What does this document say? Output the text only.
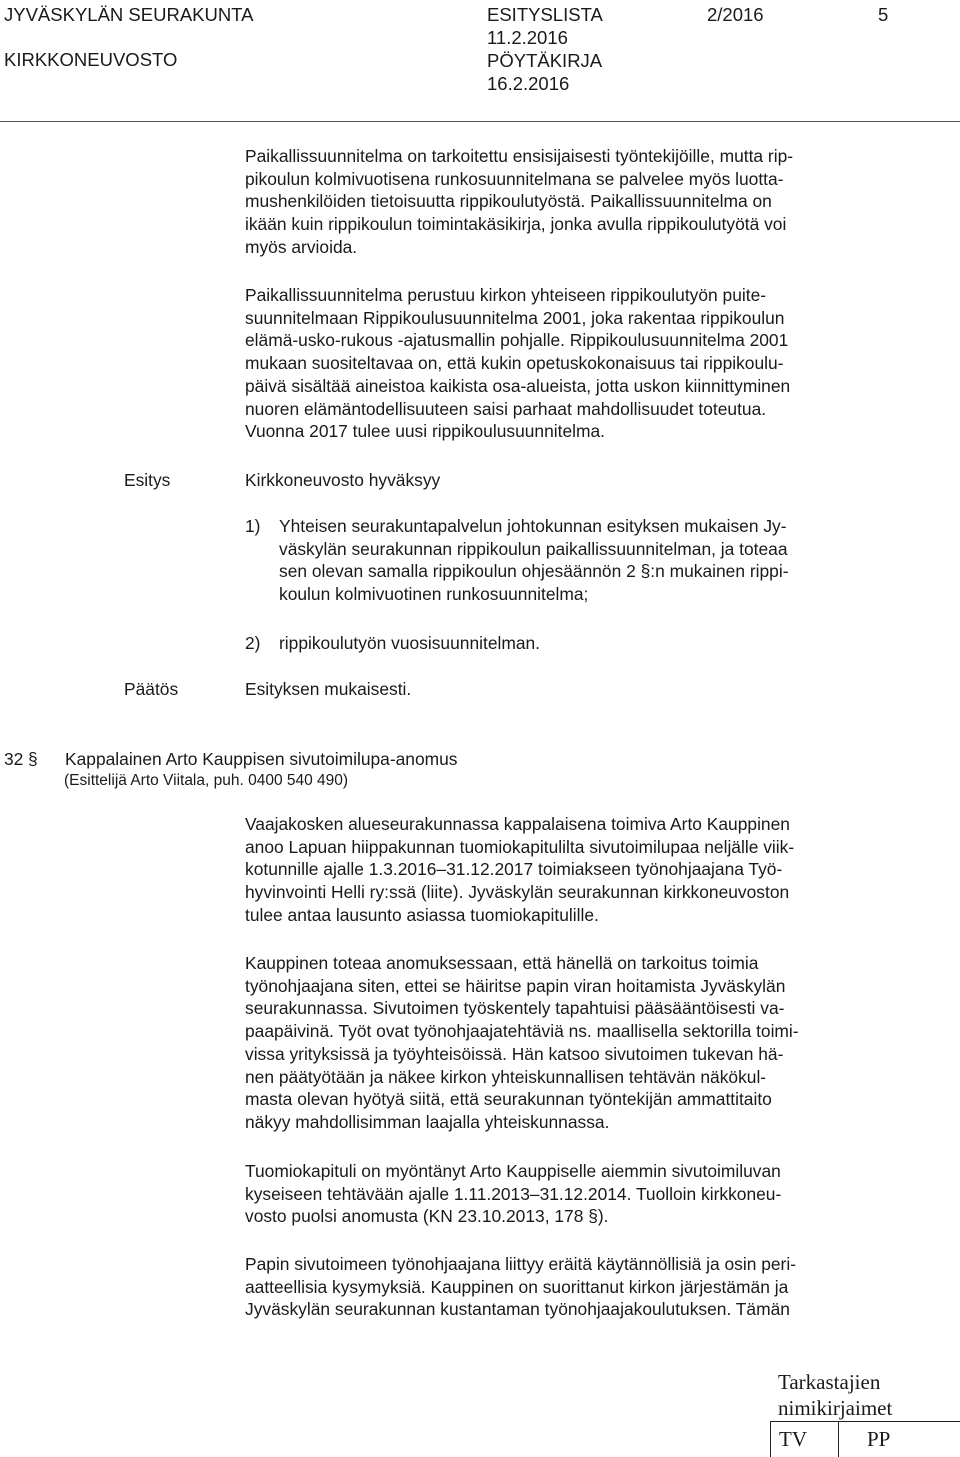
JYVÄSKYLÄN SEURAKUNTA
KIRKKONEUVOSTO
ESITYSLISTA
11.2.2016
PÖYTÄKIRJA
16.2.2016
2/2016	5
Paikallissuunnitelma on tarkoitettu ensisijaisesti työntekijöille, mutta rip-
pikoulun kolmivuotisena runkosuunnitelmana se palvelee myös luotta-
mushenkilöiden tietoisuutta rippikoulutyöstä. Paikallissuunnitelma on
ikään kuin rippikoulun toimintakäsikirja, jonka avulla rippikoulutyötä voi
myös arvioida.
Paikallissuunnitelma perustuu kirkon yhteiseen rippikoulutyön puite-
suunnitelmaan Rippikoulusuunnitelma 2001, joka rakentaa rippikoulun
elämä-usko-rukous -ajatusmallin pohjalle. Rippikoulusuunnitelma 2001
mukaan suositeltavaa on, että kukin opetuskokonaisuus tai rippikoulu-
päivä sisältää aineistoa kaikista osa-alueista, jotta uskon kiinnittyminen
nuoren elämäntodellisuuteen saisi parhaat mahdollisuudet toteutua.
Vuonna 2017 tulee uusi rippikoulusuunnitelma.
Esitys	Kirkkoneuvosto hyväksyy
1) Yhteisen seurakuntapalvelun johtokunnan esityksen mukaisen Jy-
väskylän seurakunnan rippikoulun paikallissuunnitelman, ja toteaa
sen olevan samalla rippikoulun ohjesäännön 2 §:n mukainen rippi-
koulun kolmivuotinen runkosuunnitelma;
2) rippikoulutyön vuosisuunnitelman.
Päätös	Esityksen mukaisesti.
32 § Kappalainen Arto Kauppisen sivutoimilupa-anomus
(Esittelijä Arto Viitala, puh. 0400 540 490)
Vaajakosken alueseurakunnassa kappalaisena toimiva Arto Kauppinen
anoo Lapuan hiippakunnan tuomiokapitulilta sivutoimilupaa neljälle viik-
kotunnille ajalle 1.3.2016–31.12.2017 toimiakseen työnohjaajana Työ-
hyvinvointi Helli ry:ssä (liite). Jyväskylän seurakunnan kirkkoneuvoston
tulee antaa lausunto asiassa tuomiokapitulille.
Kauppinen toteaa anomuksessaan, että hänellä on tarkoitus toimia
työnohjaajana siten, ettei se häiritse papin viran hoitamista Jyväskylän
seurakunnassa. Sivutoimen työskentely tapahtuisi pääsääntöisesti va-
paapäivinä. Työt ovat työnohjaajatehtäviä ns. maallisella sektorilla toimi-
vissa yrityksissä ja työyhteisöissä. Hän katsoo sivutoimen tukevan hä-
nen päätyötään ja näkee kirkon yhteiskunnallisen tehtävän näkökul-
masta olevan hyötyä siitä, että seurakunnan työntekijän ammattitaito
näkyy mahdollisimman laajalla yhteiskunnassa.
Tuomiokapituli on myöntänyt Arto Kauppiselle aiemmin sivutoimiluvan
kyseiseen tehtävään ajalle 1.11.2013–31.12.2014. Tuolloin kirkkoneu-
vosto puolsi anomusta (KN 23.10.2013, 178 §).
Papin sivutoimeen työnohjaajana liittyy eräitä käytännöllisiä ja osin peri-
aatteellisia kysymyksiä. Kauppinen on suorittanut kirkon järjestämän ja
Jyväskylän seurakunnan kustantaman työnohjaajakoulutuksen. Tämän
Tarkastajien
nimikirjaimet
TV	PP
